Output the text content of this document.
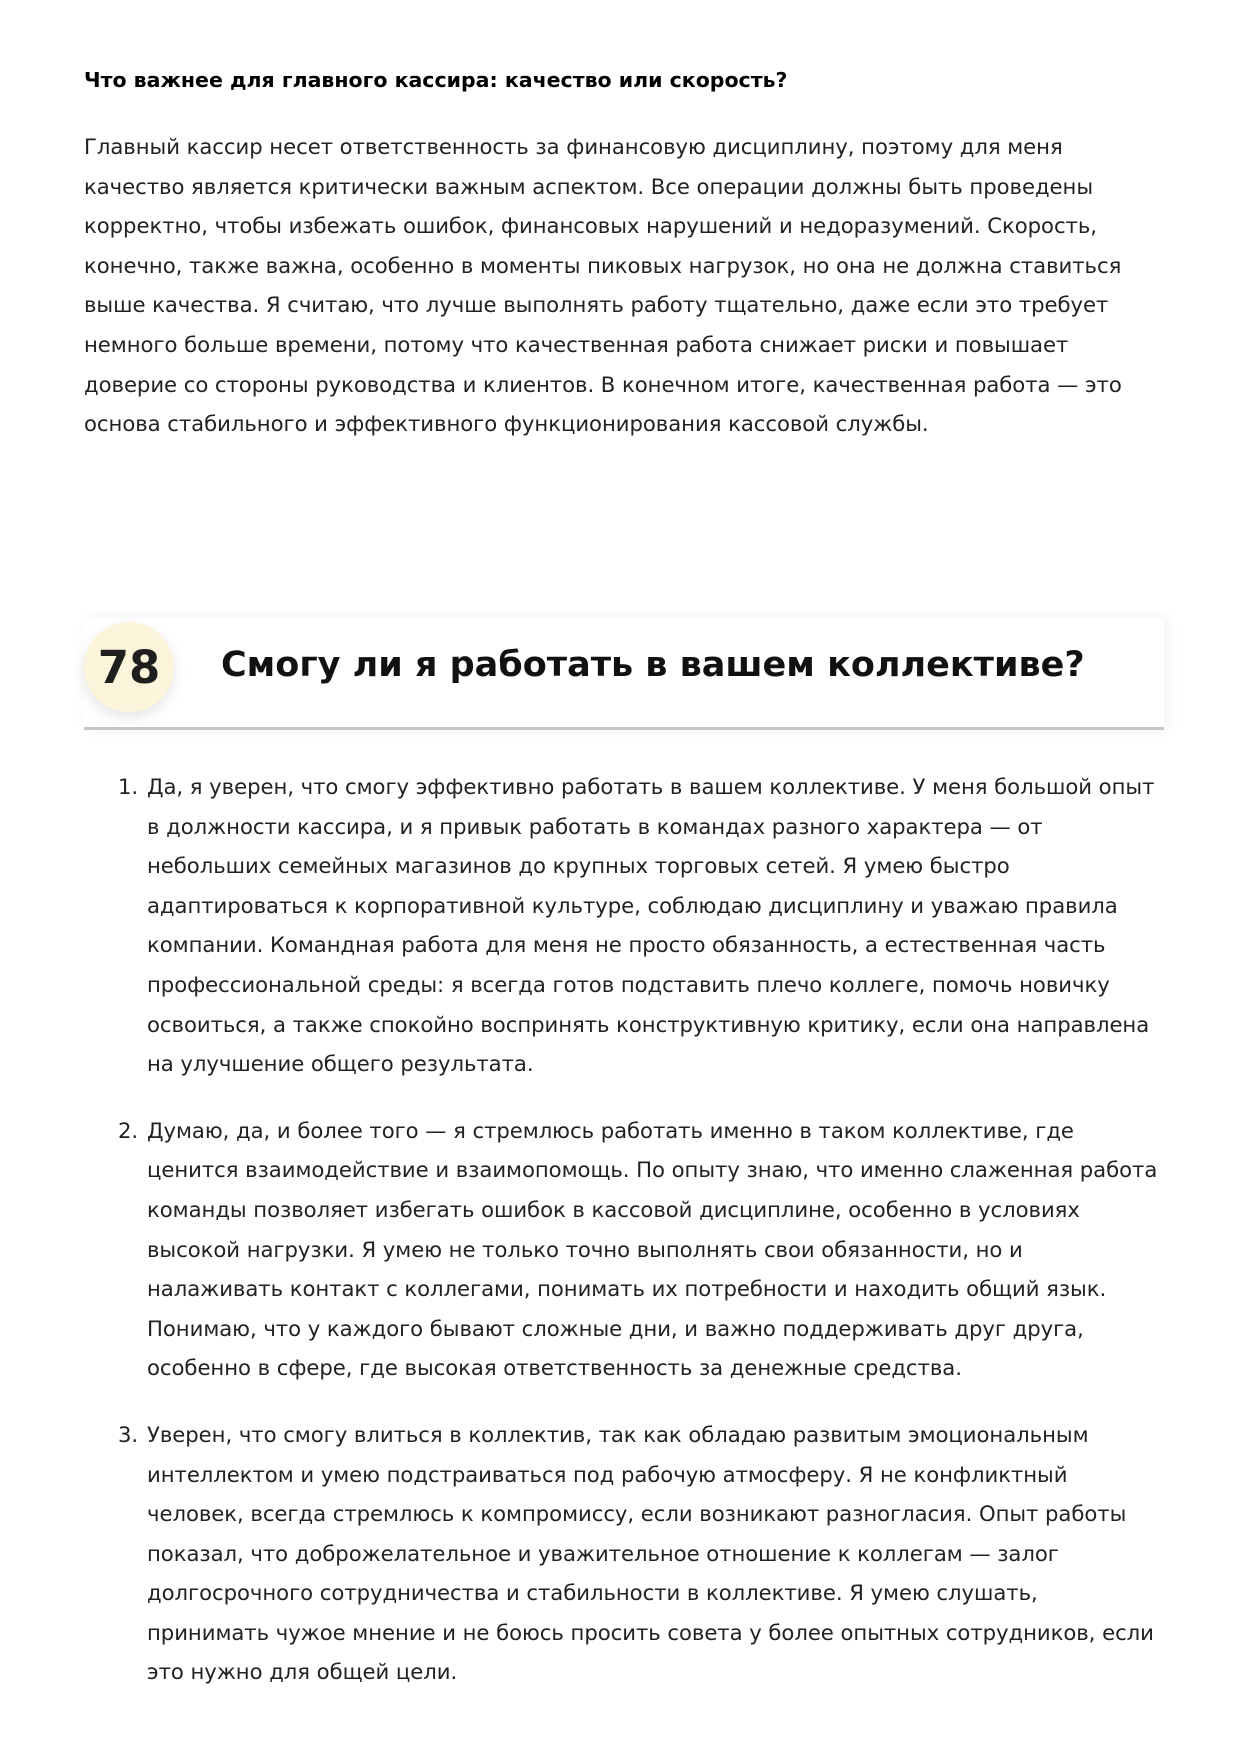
Что важнее для главного кассира: качество или скорость?

Главный кассир несет ответственность за финансовую дисциплину, поэтому для меня качество является критически важным аспектом. Все операции должны быть проведены корректно, чтобы избежать ошибок, финансовых нарушений и недоразумений. Скорость, конечно, также важна, особенно в моменты пиковых нагрузок, но она не должна ставиться выше качества. Я считаю, что лучше выполнять работу тщательно, даже если это требует немного больше времени, потому что качественная работа снижает риски и повышает доверие со стороны руководства и клиентов. В конечном итоге, качественная работа — это основа стабильного и эффективного функционирования кассовой службы.

78	Смогу ли я работать в вашем коллективе?
1. Да, я уверен, что смогу эффективно работать в вашем коллективе. У меня большой опыт в должности кассира, и я привык работать в командах разного характера — от небольших семейных магазинов до крупных торговых сетей. Я умею быстро адаптироваться к корпоративной культуре, соблюдаю дисциплину и уважаю правила компании. Командная работа для меня не просто обязанность, а естественная часть профессиональной среды: я всегда готов подставить плечо коллеге, помочь новичку освоиться, а также спокойно воспринять конструктивную критику, если она направлена на улучшение общего результата.
2. Думаю, да, и более того — я стремлюсь работать именно в таком коллективе, где ценится взаимодействие и взаимопомощь. По опыту знаю, что именно слаженная работа команды позволяет избегать ошибок в кассовой дисциплине, особенно в условиях высокой нагрузки. Я умею не только точно выполнять свои обязанности, но и налаживать контакт с коллегами, понимать их потребности и находить общий язык. Понимаю, что у каждого бывают сложные дни, и важно поддерживать друг друга, особенно в сфере, где высокая ответственность за денежные средства.
3. Уверен, что смогу влиться в коллектив, так как обладаю развитым эмоциональным интеллектом и умею подстраиваться под рабочую атмосферу. Я не конфликтный человек, всегда стремлюсь к компромиссу, если возникают разногласия. Опыт работы показал, что доброжелательное и уважительное отношение к коллегам — залог долгосрочного сотрудничества и стабильности в коллективе. Я умею слушать, принимать чужое мнение и не боюсь просить совета у более опытных сотрудников, если это нужно для общей цели.
